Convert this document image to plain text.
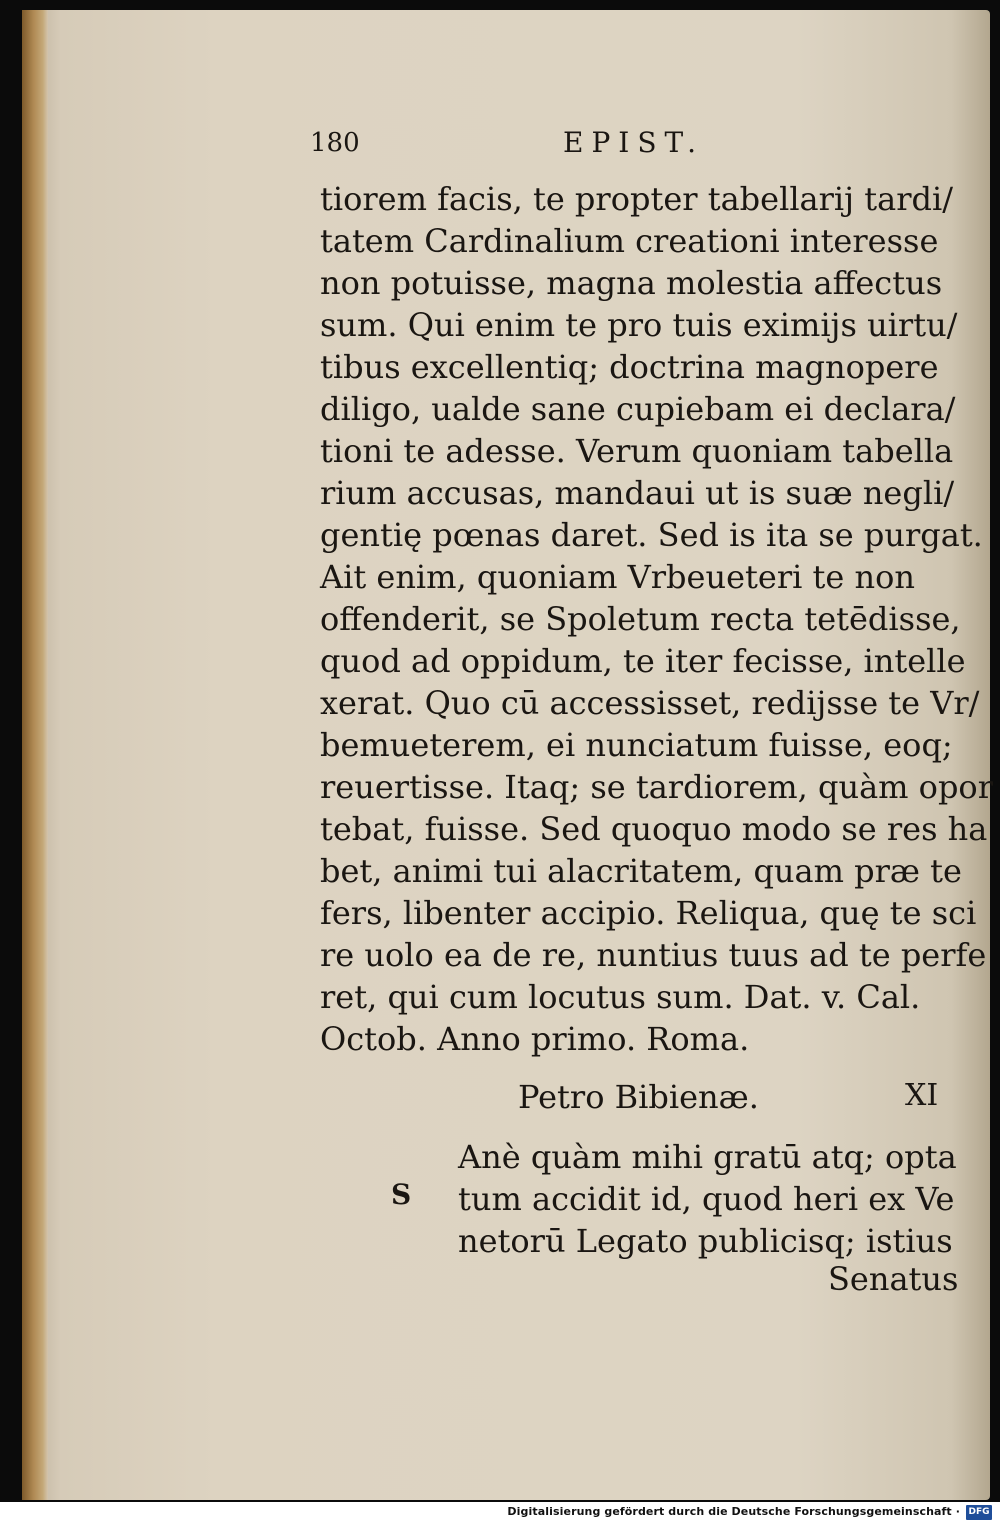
180	EPIST.
tiorem facis, te propter tabellarij tardi/
tatem Cardinalium creationi interesse
non potuisse, magna molestia affectus
sum. Qui enim te pro tuis eximijs uirtu/
tibus excellentiq; doctrina magnopere
diligo, ualde sane cupiebam ei declara/
tioni te adesse. Verum quoniam tabella
rium accusas, mandaui ut is suæ negli/
gentię pœnas daret. Sed is ita se purgat.
Ait enim, quoniam Vrbeueteri te non
offenderit, se Spoletum recta tetēdisse,
quod ad oppidum, te iter fecisse, intelle
xerat. Quo cū accessisset, redijsse te Vr/
bemueterem, ei nunciatum fuisse, eoq;
reuertisse. Itaq; se tardiorem, quàm opor
tebat, fuisse. Sed quoquo modo se res ha
bet, animi tui alacritatem, quam præ te
fers, libenter accipio. Reliqua, quę te sci
re uolo ea de re, nuntius tuus ad te perfe
ret, qui cum locutus sum. Dat. v. Cal.
Octob. Anno primo. Roma.
Petro Bibienæ.	XI
S
Anè quàm mihi gratū atq; opta
tum accidit id, quod heri ex Ve
netorū Legato publicisq; istius
Senatus
Digitalisierung gefördert durch die Deutsche Forschungsgemeinschaft · DFG
